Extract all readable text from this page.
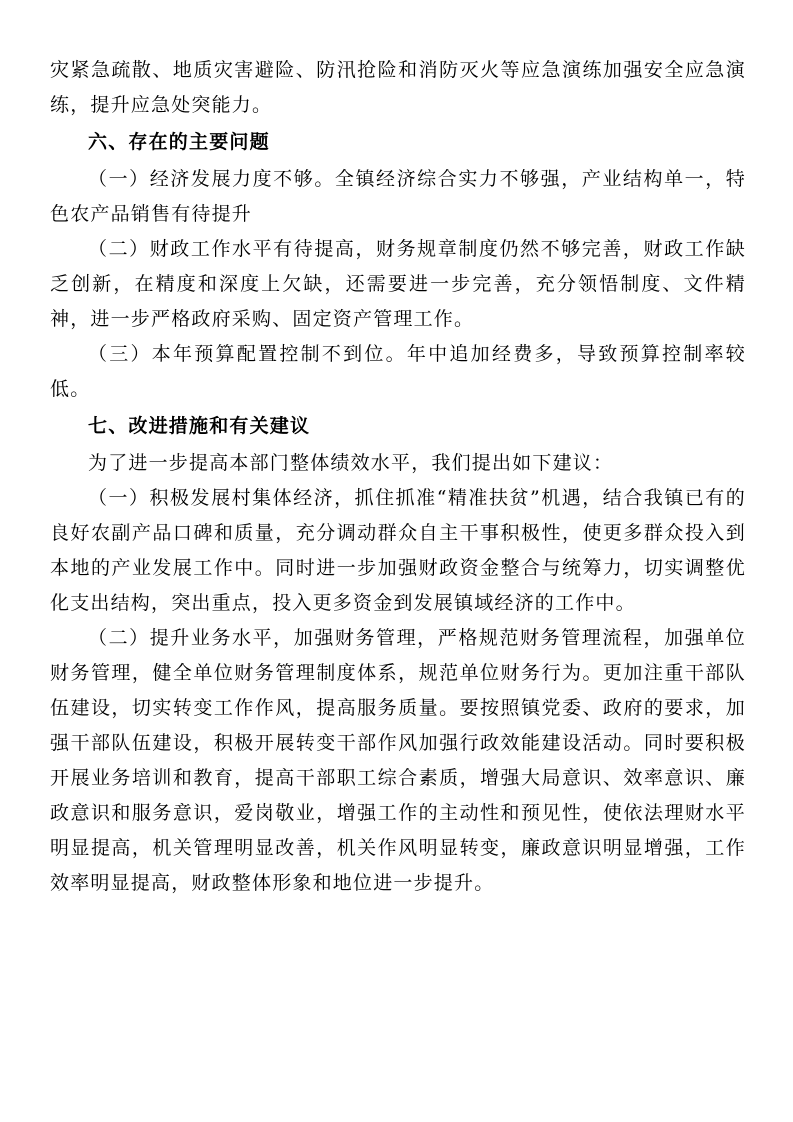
灾紧急疏散、地质灾害避险、防汛抢险和消防灭火等应急演练加强安全应急演练，提升应急处突能力。

六、存在的主要问题

（一）经济发展力度不够。全镇经济综合实力不够强，产业结构单一，特色农产品销售有待提升

（二）财政工作水平有待提高，财务规章制度仍然不够完善，财政工作缺乏创新，在精度和深度上欠缺，还需要进一步完善，充分领悟制度、文件精神，进一步严格政府采购、固定资产管理工作。

（三）本年预算配置控制不到位。年中追加经费多，导致预算控制率较低。

七、改进措施和有关建议

为了进一步提高本部门整体绩效水平，我们提出如下建议：

（一）积极发展村集体经济，抓住抓准“精准扶贫”机遇，结合我镇已有的良好农副产品口碑和质量，充分调动群众自主干事积极性，使更多群众投入到本地的产业发展工作中。同时进一步加强财政资金整合与统筹力，切实调整优化支出结构，突出重点，投入更多资金到发展镇域经济的工作中。

（二）提升业务水平，加强财务管理，严格规范财务管理流程，加强单位财务管理，健全单位财务管理制度体系，规范单位财务行为。更加注重干部队伍建设，切实转变工作作风，提高服务质量。要按照镇党委、政府的要求，加强干部队伍建设，积极开展转变干部作风加强行政效能建设活动。同时要积极开展业务培训和教育，提高干部职工综合素质，增强大局意识、效率意识、廉政意识和服务意识，爱岗敬业，增强工作的主动性和预见性，使依法理财水平明显提高，机关管理明显改善，机关作风明显转变，廉政意识明显增强，工作效率明显提高，财政整体形象和地位进一步提升。
